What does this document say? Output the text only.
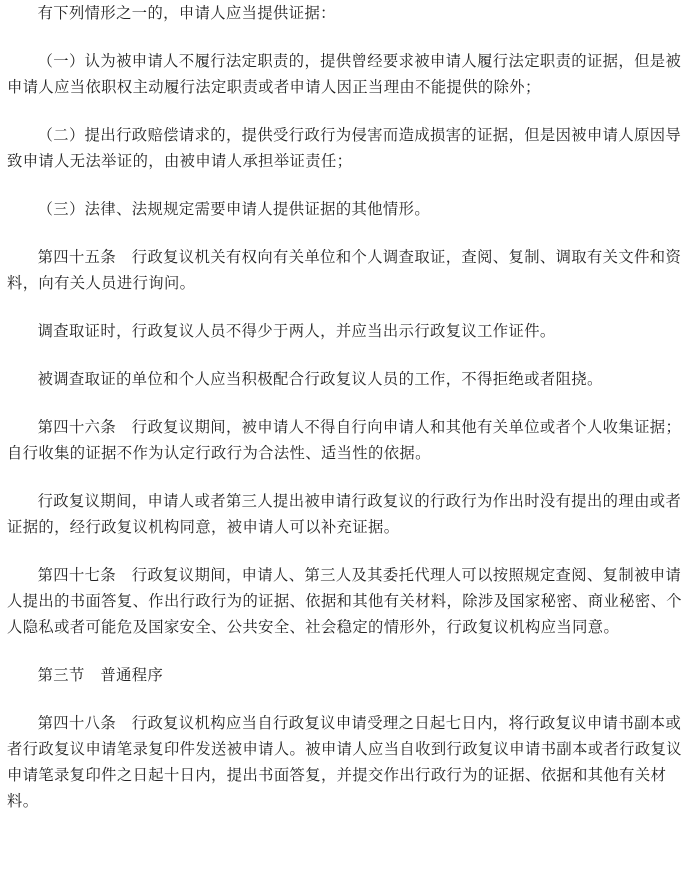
有下列情形之一的，申请人应当提供证据：

（一）认为被申请人不履行法定职责的，提供曾经要求被申请人履行法定职责的证据，但是被申请人应当依职权主动履行法定职责或者申请人因正当理由不能提供的除外；

（二）提出行政赔偿请求的，提供受行政行为侵害而造成损害的证据，但是因被申请人原因导致申请人无法举证的，由被申请人承担举证责任；

（三）法律、法规规定需要申请人提供证据的其他情形。

第四十五条　行政复议机关有权向有关单位和个人调查取证，查阅、复制、调取有关文件和资料，向有关人员进行询问。

调查取证时，行政复议人员不得少于两人，并应当出示行政复议工作证件。

被调查取证的单位和个人应当积极配合行政复议人员的工作，不得拒绝或者阻挠。

第四十六条　行政复议期间，被申请人不得自行向申请人和其他有关单位或者个人收集证据；自行收集的证据不作为认定行政行为合法性、适当性的依据。

行政复议期间，申请人或者第三人提出被申请行政复议的行政行为作出时没有提出的理由或者证据的，经行政复议机构同意，被申请人可以补充证据。

第四十七条　行政复议期间，申请人、第三人及其委托代理人可以按照规定查阅、复制被申请人提出的书面答复、作出行政行为的证据、依据和其他有关材料，除涉及国家秘密、商业秘密、个人隐私或者可能危及国家安全、公共安全、社会稳定的情形外，行政复议机构应当同意。

第三节　普通程序

第四十八条　行政复议机构应当自行政复议申请受理之日起七日内，将行政复议申请书副本或者行政复议申请笔录复印件发送被申请人。被申请人应当自收到行政复议申请书副本或者行政复议申请笔录复印件之日起十日内，提出书面答复，并提交作出行政行为的证据、依据和其他有关材料。
